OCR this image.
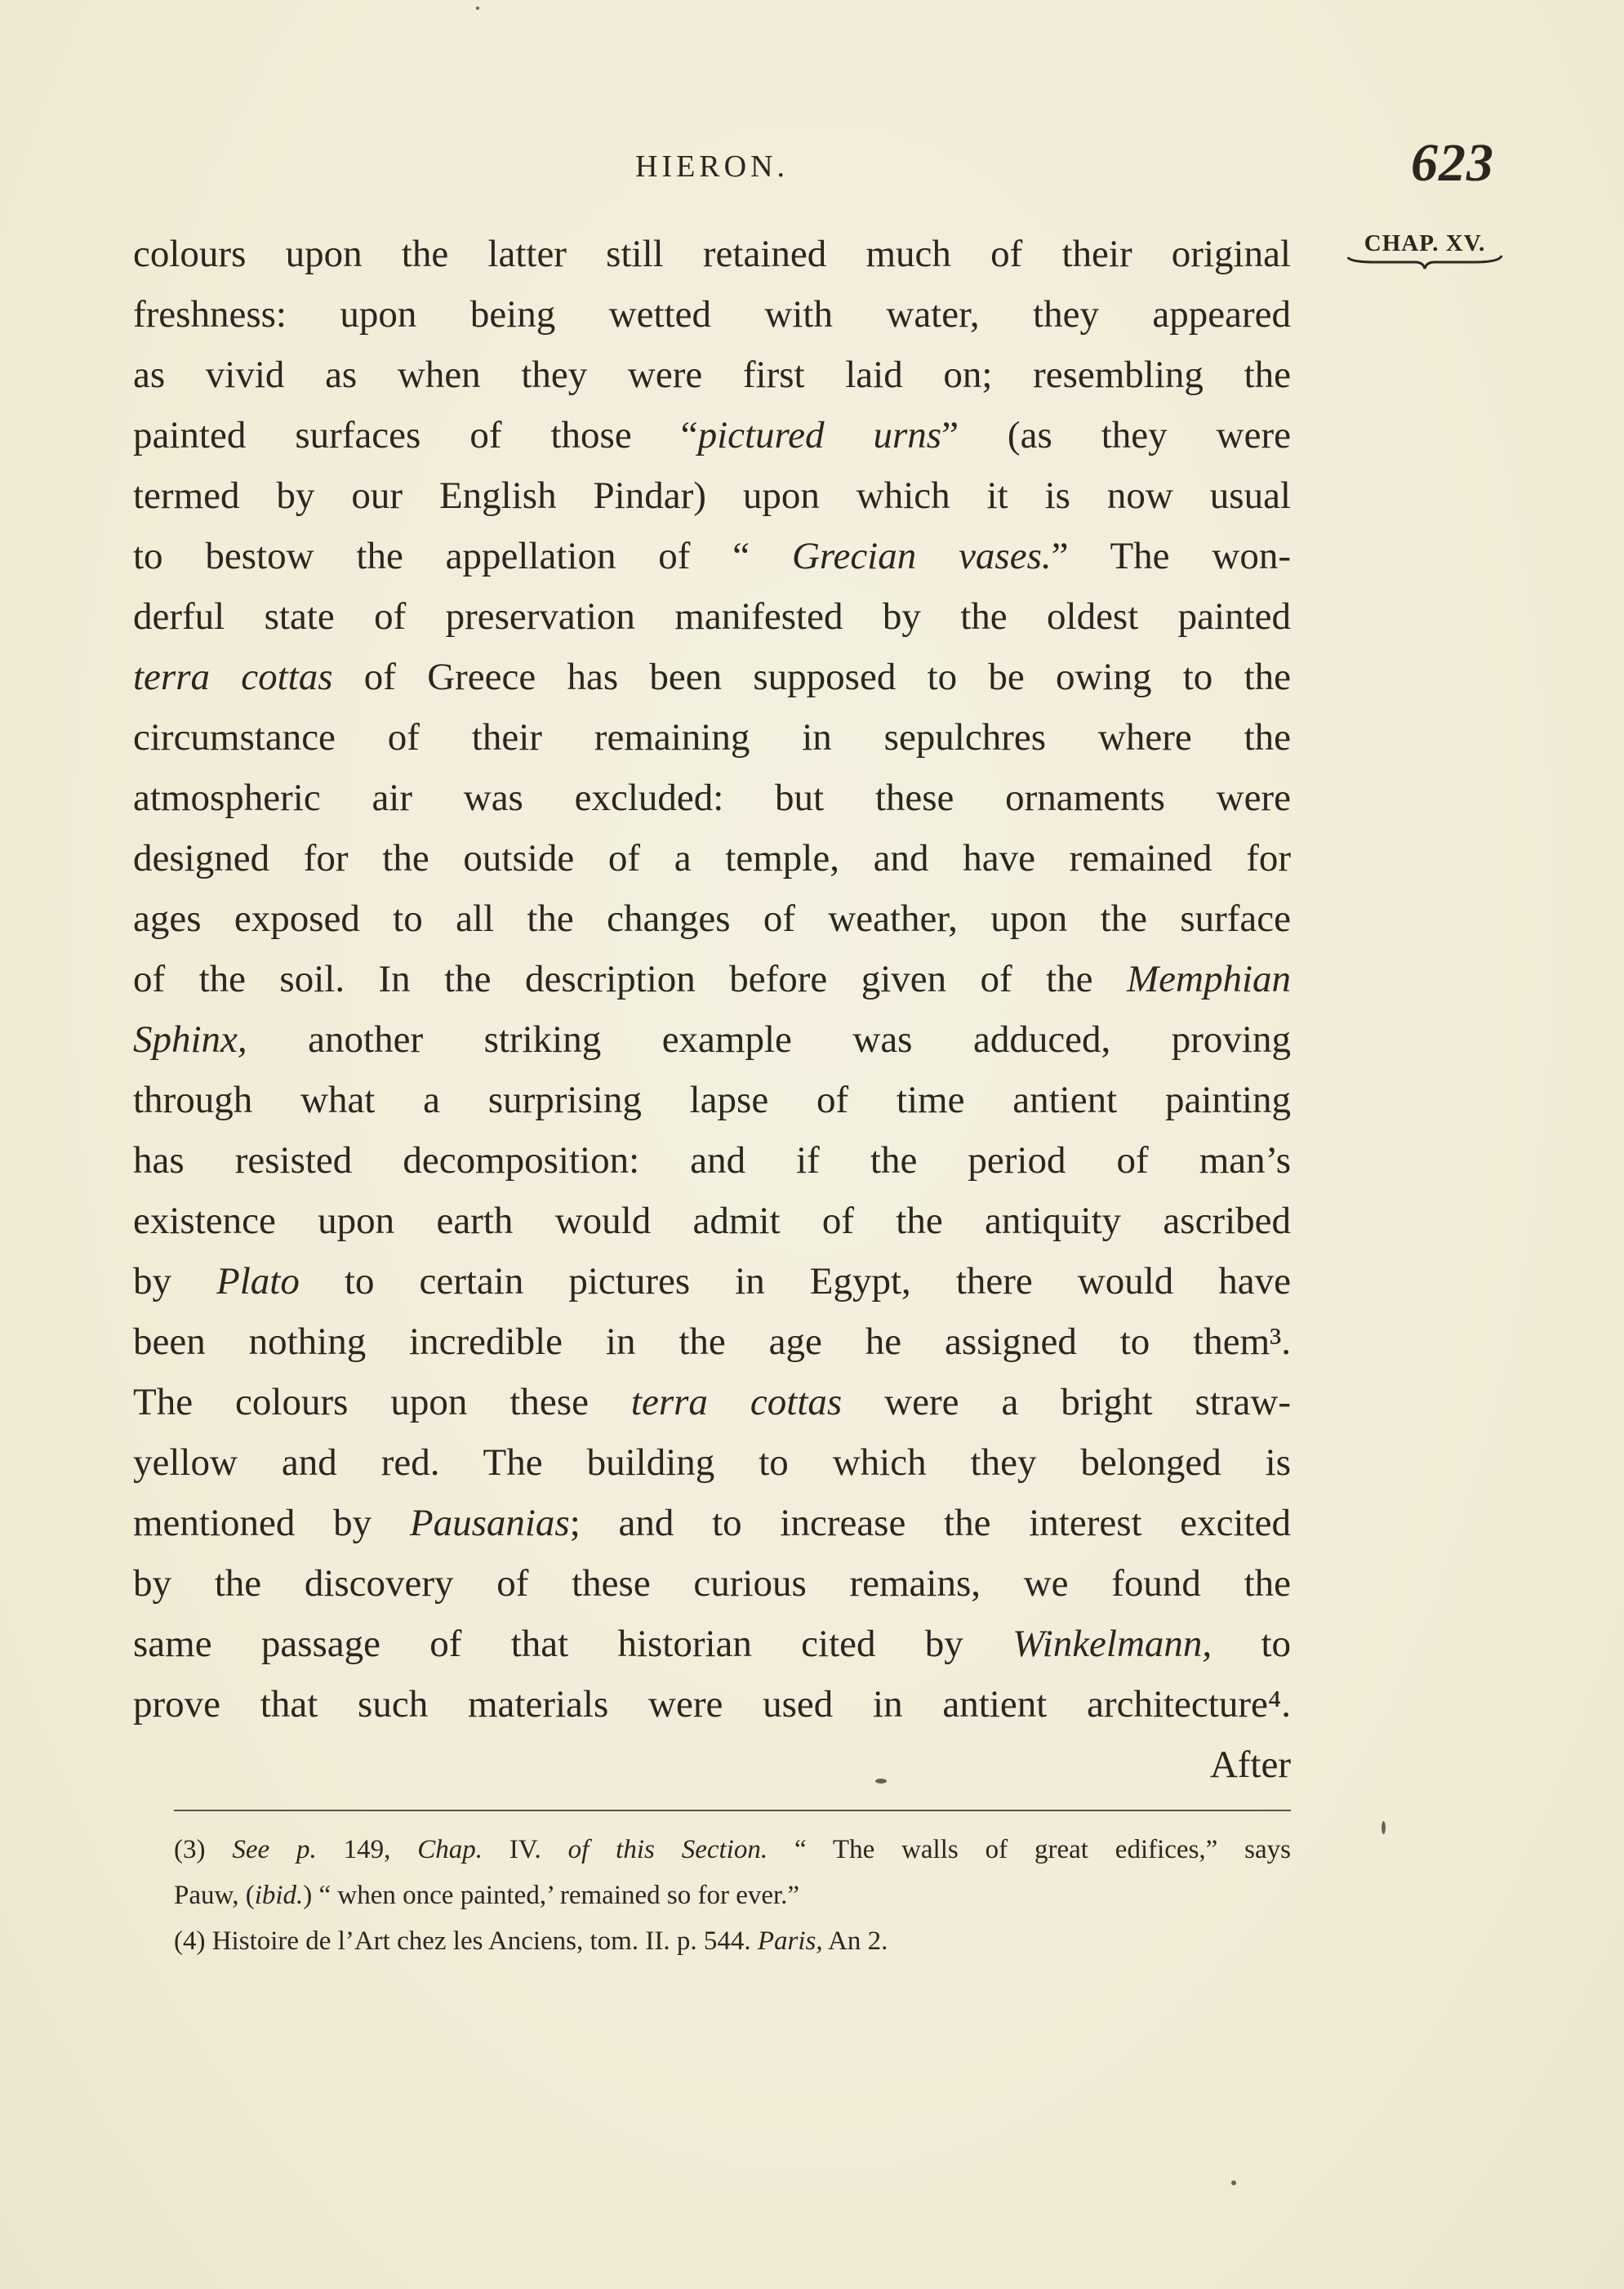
HIERON.	623
CHAP. XV.
colours upon the latter still retained much of their original
freshness: upon being wetted with water, they appeared
as vivid as when they were first laid on; resembling the
painted surfaces of those “pictured urns” (as they were
termed by our English Pindar) upon which it is now usual
to bestow the appellation of “ Grecian vases.” The won-
derful state of preservation manifested by the oldest painted
terra cottas of Greece has been supposed to be owing to the
circumstance of their remaining in sepulchres where the
atmospheric air was excluded: but these ornaments were
designed for the outside of a temple, and have remained for
ages exposed to all the changes of weather, upon the surface
of the soil. In the description before given of the Memphian
Sphinx, another striking example was adduced, proving
through what a surprising lapse of time antient painting
has resisted decomposition: and if the period of man’s
existence upon earth would admit of the antiquity ascribed
by Plato to certain pictures in Egypt, there would have
been nothing incredible in the age he assigned to them³.
The colours upon these terra cottas were a bright straw-
yellow and red. The building to which they belonged is
mentioned by Pausanias; and to increase the interest excited
by the discovery of these curious remains, we found the
same passage of that historian cited by Winkelmann, to
prove that such materials were used in antient architecture⁴.
After
(3) See p. 149, Chap. IV. of this Section. “ The walls of great edifices,” says
Pauw, (ibid.) “ when once painted,’ remained so for ever.”
(4) Histoire de l’Art chez les Anciens, tom. II. p. 544. Paris, An 2.
